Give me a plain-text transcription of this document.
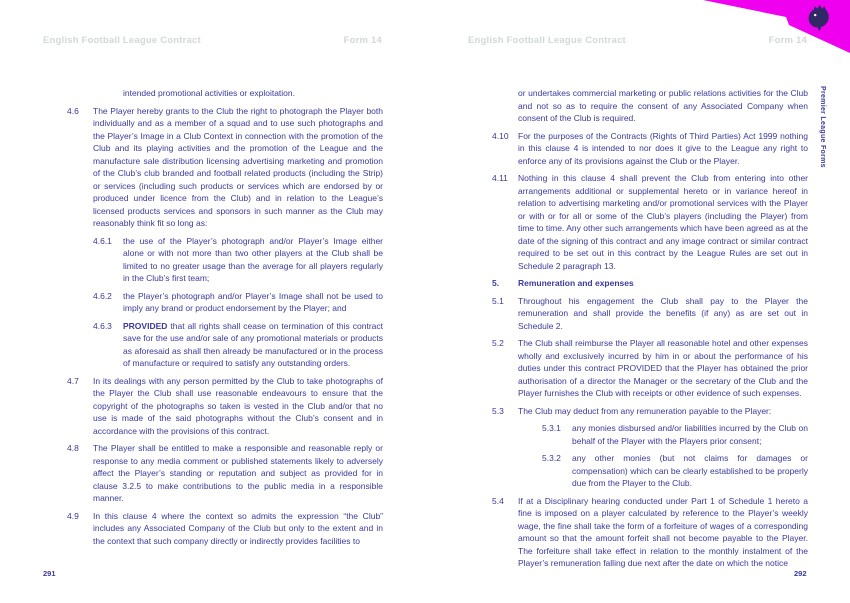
Premier League Forms
English Football League Contract	Form 14	English Football League Contract	Form 14
intended promotional activities or exploitation.
4.6	The Player hereby grants to the Club the right to photograph the Player both individually and as a member of a squad and to use such photographs and the Player’s Image in a Club Context in connection with the promotion of the Club and its playing activities and the promotion of the League and the manufacture sale distribution licensing advertising marketing and promotion of the Club’s club branded and football related products (including the Strip) or services (including such products or services which are endorsed by or produced under licence from the Club) and in relation to the League’s licensed products services and sponsors in such manner as the Club may reasonably think fit so long as:
4.6.1	the use of the Player’s photograph and/or Player’s Image either alone or with not more than two other players at the Club shall be limited to no greater usage than the average for all players regularly in the Club’s first team;
4.6.2	the Player’s photograph and/or Player’s Image shall not be used to imply any brand or product endorsement by the Player; and
4.6.3	PROVIDED that all rights shall cease on termination of this contract save for the use and/or sale of any promotional materials or products as aforesaid as shall then already be manufactured or in the process of manufacture or required to satisfy any outstanding orders.
4.7	In its dealings with any person permitted by the Club to take photographs of the Player the Club shall use reasonable endeavours to ensure that the copyright of the photographs so taken is vested in the Club and/or that no use is made of the said photographs without the Club’s consent and in accordance with the provisions of this contract.
4.8	The Player shall be entitled to make a responsible and reasonable reply or response to any media comment or published statements likely to adversely affect the Player’s standing or reputation and subject as provided for in clause 3.2.5 to make contributions to the public media in a responsible manner.
4.9	In this clause 4 where the context so admits the expression “the Club” includes any Associated Company of the Club but only to the extent and in the context that such company directly or indirectly provides facilities to
or undertakes commercial marketing or public relations activities for the Club and not so as to require the consent of any Associated Company when consent of the Club is required.
4.10	For the purposes of the Contracts (Rights of Third Parties) Act 1999 nothing in this clause 4 is intended to nor does it give to the League any right to enforce any of its provisions against the Club or the Player.
4.11	Nothing in this clause 4 shall prevent the Club from entering into other arrangements additional or supplemental hereto or in variance hereof in relation to advertising marketing and/or promotional services with the Player or with or for all or some of the Club’s players (including the Player) from time to time. Any other such arrangements which have been agreed as at the date of the signing of this contract and any image contract or similar contract required to be set out in this contract by the League Rules are set out in Schedule 2 paragraph 13.
5.	Remuneration and expenses
5.1	Throughout his engagement the Club shall pay to the Player the remuneration and shall provide the benefits (if any) as are set out in Schedule 2.
5.2	The Club shall reimburse the Player all reasonable hotel and other expenses wholly and exclusively incurred by him in or about the performance of his duties under this contract PROVIDED that the Player has obtained the prior authorisation of a director the Manager or the secretary of the Club and the Player furnishes the Club with receipts or other evidence of such expenses.
5.3	The Club may deduct from any remuneration payable to the Player:
5.3.1	any monies disbursed and/or liabilities incurred by the Club on behalf of the Player with the Players prior consent;
5.3.2	any other monies (but not claims for damages or compensation) which can be clearly established to be properly due from the Player to the Club.
5.4	If at a Disciplinary hearing conducted under Part 1 of Schedule 1 hereto a fine is imposed on a player calculated by reference to the Player’s weekly wage, the fine shall take the form of a forfeiture of wages of a corresponding amount so that the amount forfeit shall not become payable to the Player. The forfeiture shall take effect in relation to the monthly instalment of the Player’s remuneration falling due next after the date on which the notice
291	292
